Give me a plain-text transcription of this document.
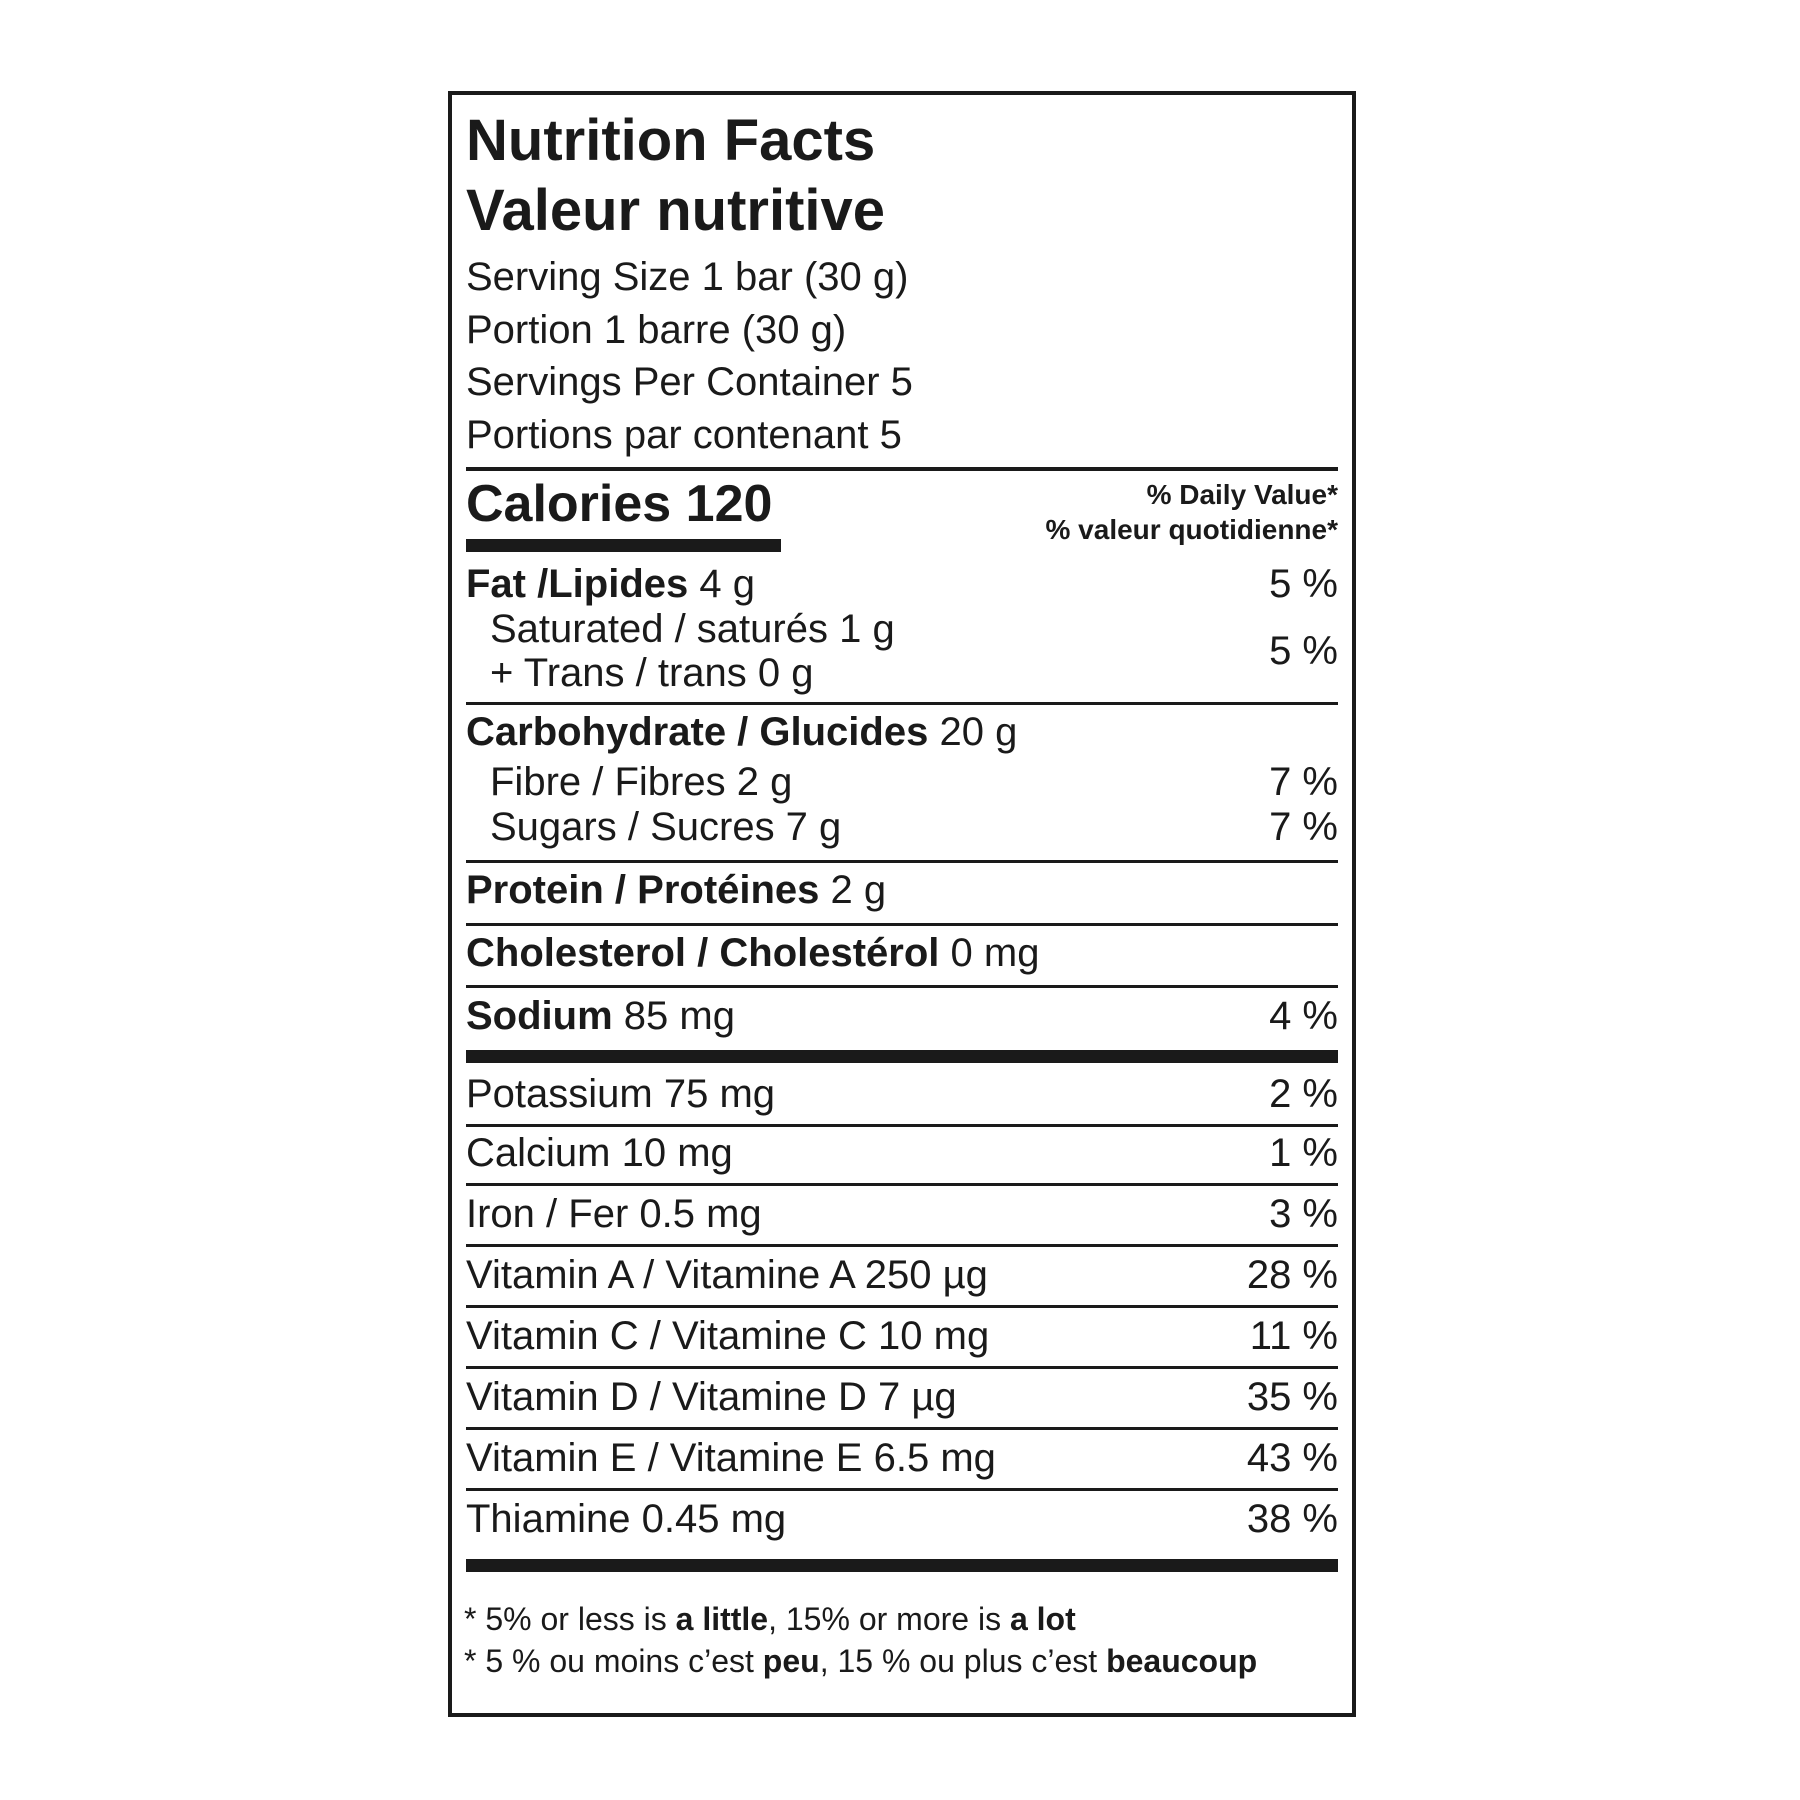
Nutrition Facts
Valeur nutritive
Serving Size 1 bar (30 g)
Portion 1 barre (30 g)
Servings Per Container 5
Portions par contenant 5
Calories 120	% Daily Value*
% valeur quotidienne*
Fat /Lipides 4 g	5 %
Saturated / saturés 1 g
+ Trans / trans 0 g	5 %
Carbohydrate / Glucides 20 g
Fibre / Fibres 2 g	7 %
Sugars / Sucres 7 g	7 %
Protein / Protéines 2 g
Cholesterol / Cholestérol 0 mg
Sodium 85 mg	4 %
Potassium 75 mg	2 %
Calcium 10 mg	1 %
Iron / Fer 0.5 mg	3 %
Vitamin A / Vitamine A 250 µg	28 %
Vitamin C / Vitamine C 10 mg	11 %
Vitamin D / Vitamine D 7 µg	35 %
Vitamin E / Vitamine E 6.5 mg	43 %
Thiamine 0.45 mg	38 %
* 5% or less is a little, 15% or more is a lot
* 5 % ou moins c’est peu, 15 % ou plus c’est beaucoup
